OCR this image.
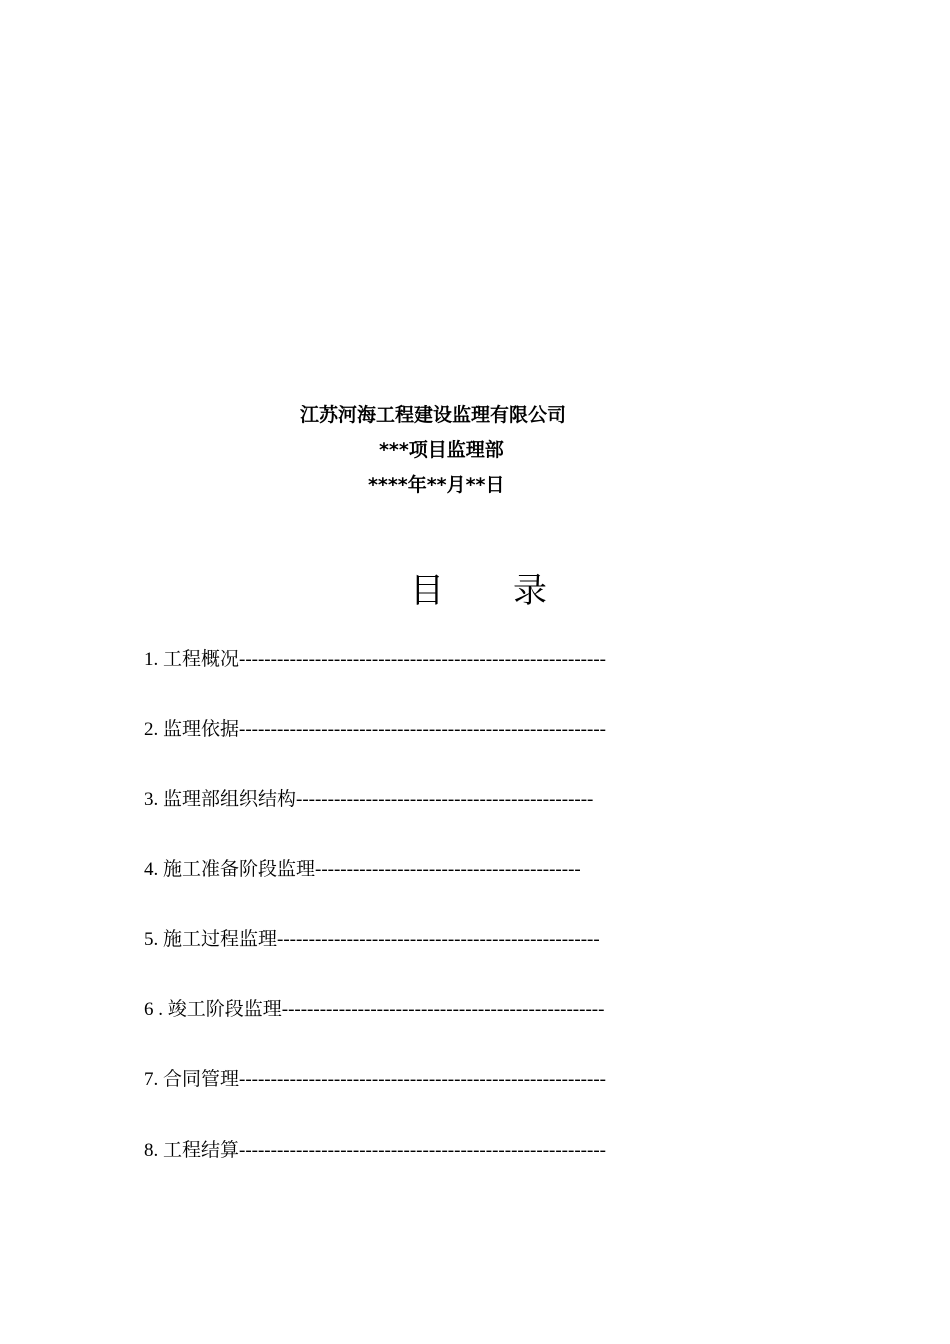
江苏河海工程建设监理有限公司
***项目监理部
****年**月**日
目 录
1. 工程概况----------------------------------------------------------
2. 监理依据----------------------------------------------------------
3. 监理部组织结构-----------------------------------------------
4. 施工准备阶段监理------------------------------------------
5. 施工过程监理---------------------------------------------------
6 . 竣工阶段监理---------------------------------------------------
7. 合同管理----------------------------------------------------------
8. 工程结算----------------------------------------------------------
